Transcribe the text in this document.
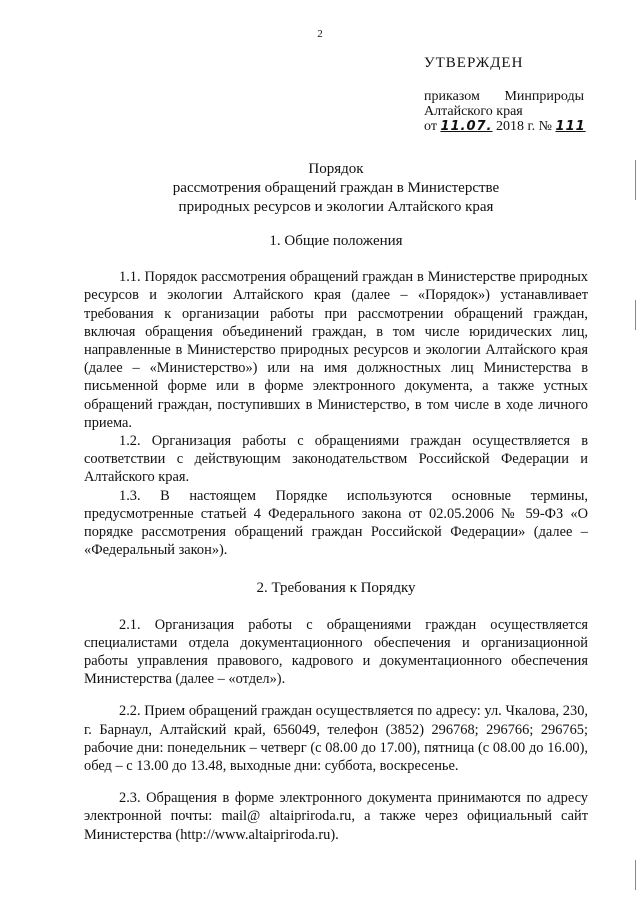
2
УТВЕРЖДЕН
приказом Минприроды
Алтайского края
от 11.07. 2018 г. № 111
Порядок
рассмотрения обращений граждан в Министерстве
природных ресурсов и экологии Алтайского края
1. Общие положения

1.1. Порядок рассмотрения обращений граждан в Министерстве природных ресурсов и экологии Алтайского края (далее – «Порядок») устанавливает требования к организации работы при рассмотрении обращений граждан, включая обращения объединений граждан, в том числе юридических лиц, направленные в Министерство природных ресурсов и экологии Алтайского края (далее – «Министерство») или на имя должностных лиц Министерства в письменной форме или в форме электронного документа, а также устных обращений граждан, поступивших в Министерство, в том числе в ходе личного приема.

1.2. Организация работы с обращениями граждан осуществляется в соответствии с действующим законодательством Российской Федерации и Алтайского края.

1.3. В настоящем Порядке используются основные термины, предусмотренные статьей 4 Федерального закона от 02.05.2006 № 59-ФЗ «О порядке рассмотрения обращений граждан Российской Федерации» (далее – «Федеральный закон»).

2. Требования к Порядку

2.1. Организация работы с обращениями граждан осуществляется специалистами отдела документационного обеспечения и организационной работы управления правового, кадрового и документационного обеспечения Министерства (далее – «отдел»).

2.2. Прием обращений граждан осуществляется по адресу: ул. Чкалова, 230, г. Барнаул, Алтайский край, 656049, телефон (3852) 296768; 296766; 296765; рабочие дни: понедельник – четверг (с 08.00 до 17.00), пятница (с 08.00 до 16.00), обед – с 13.00 до 13.48, выходные дни: суббота, воскресенье.

2.3. Обращения в форме электронного документа принимаются по адресу электронной почты: mail@ altaipriroda.ru, а также через официальный сайт Министерства (http://www.altaipriroda.ru).
